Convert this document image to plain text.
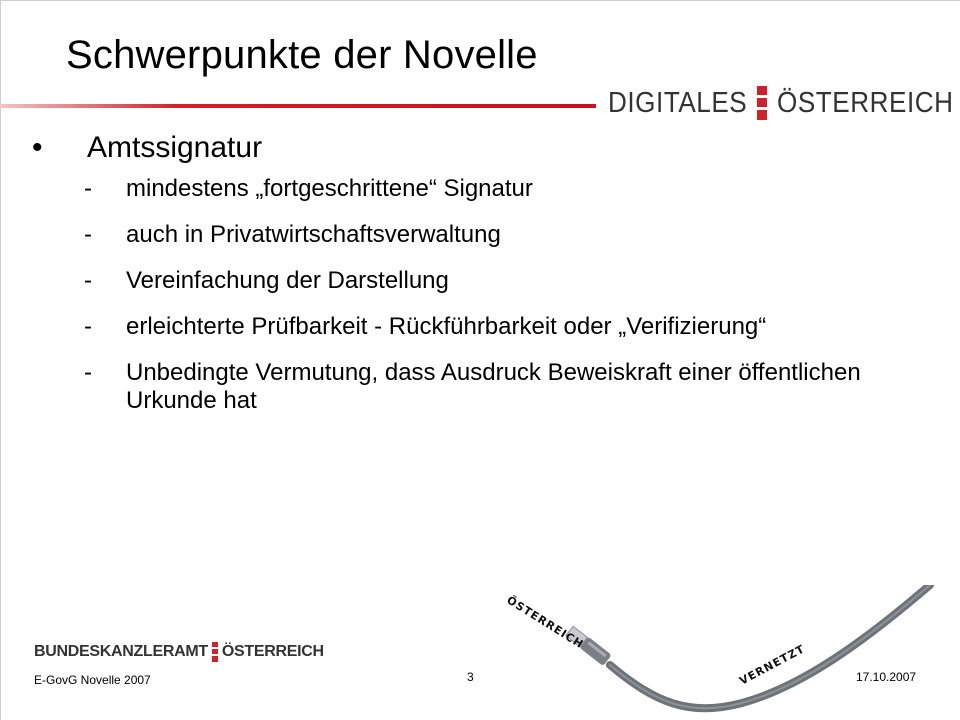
Schwerpunkte der Novelle
DIGITALES ÖSTERREICH
• Amtssignatur
- mindestens „fortgeschrittene“ Signatur
- auch in Privatwirtschaftsverwaltung
- Vereinfachung der Darstellung
- erleichterte Prüfbarkeit - Rückführbarkeit oder „Verifizierung“
- Unbedingte Vermutung, dass Ausdruck Beweiskraft einer öffentlichen Urkunde hat
BUNDESKANZLERAMT ÖSTERREICH
E-GovG Novelle 2007	3	17.10.2007
ÖSTERREICH
VERNETZT
